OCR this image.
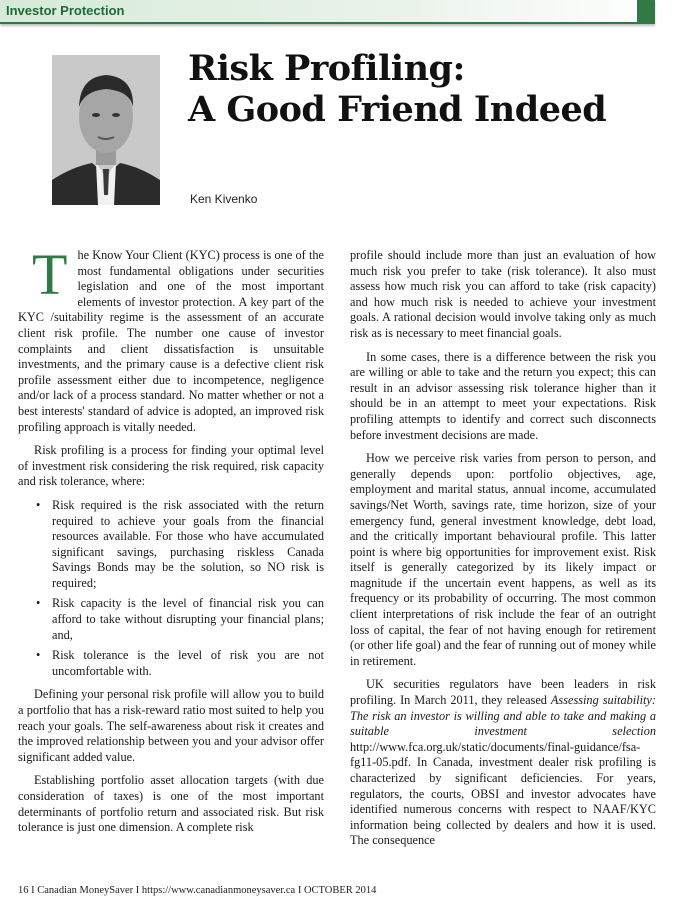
Investor Protection
Risk Profiling:
A Good Friend Indeed
Ken Kivenko

The Know Your Client (KYC) process is one of the most fundamental obligations under securities legislation and one of the most important elements of investor protection. A key part of the KYC /suitability regime is the assessment of an accurate client risk profile. The number one cause of investor complaints and client dissatisfaction is unsuitable investments, and the primary cause is a defective client risk profile assessment either due to incompetence, negligence and/or lack of a process standard. No matter whether or not a best interests' standard of advice is adopted, an improved risk profiling approach is vitally needed.

Risk profiling is a process for finding your optimal level of investment risk considering the risk required, risk capacity and risk tolerance, where:

• Risk required is the risk associated with the return required to achieve your goals from the financial resources available. For those who have accumulated significant savings, purchasing riskless Canada Savings Bonds may be the solution, so NO risk is required;
• Risk capacity is the level of financial risk you can afford to take without disrupting your financial plans; and,
• Risk tolerance is the level of risk you are not uncomfortable with.

Defining your personal risk profile will allow you to build a portfolio that has a risk-reward ratio most suited to help you reach your goals. The self-awareness about risk it creates and the improved relationship between you and your advisor offer significant added value.

Establishing portfolio asset allocation targets (with due consideration of taxes) is one of the most important determinants of portfolio return and associated risk. But risk tolerance is just one dimension. A complete risk

profile should include more than just an evaluation of how much risk you prefer to take (risk tolerance). It also must assess how much risk you can afford to take (risk capacity) and how much risk is needed to achieve your investment goals. A rational decision would involve taking only as much risk as is necessary to meet financial goals.

In some cases, there is a difference between the risk you are willing or able to take and the return you expect; this can result in an advisor assessing risk tolerance higher than it should be in an attempt to meet your expectations. Risk profiling attempts to identify and correct such disconnects before investment decisions are made.

How we perceive risk varies from person to person, and generally depends upon: portfolio objectives, age, employment and marital status, annual income, accumulated savings/Net Worth, savings rate, time horizon, size of your emergency fund, general investment knowledge, debt load, and the critically important behavioural profile. This latter point is where big opportunities for improvement exist. Risk itself is generally categorized by its likely impact or magnitude if the uncertain event happens, as well as its frequency or its probability of occurring. The most common client interpretations of risk include the fear of an outright loss of capital, the fear of not having enough for retirement (or other life goal) and the fear of running out of money while in retirement.

UK securities regulators have been leaders in risk profiling. In March 2011, they released Assessing suitability: The risk an investor is willing and able to take and making a suitable investment selection http://www.fca.org.uk/static/documents/final-guidance/fsa-fg11-05.pdf. In Canada, investment dealer risk profiling is characterized by significant deficiencies. For years, regulators, the courts, OBSI and investor advocates have identified numerous concerns with respect to NAAF/KYC information being collected by dealers and how it is used. The consequence

16 I Canadian MoneySaver I https://www.canadianmoneysaver.ca I OCTOBER 2014
